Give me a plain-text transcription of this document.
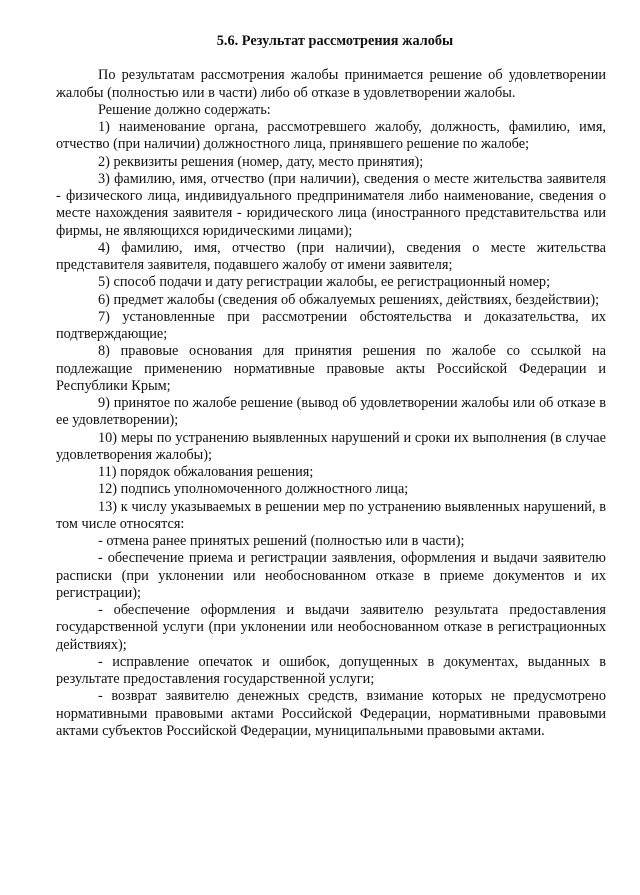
5.6. Результат рассмотрения жалобы

По результатам рассмотрения жалобы принимается решение об удовлетворении жалобы (полностью или в части) либо об отказе в удовлетворении жалобы.

Решение должно содержать:

1) наименование органа, рассмотревшего жалобу, должность, фамилию, имя, отчество (при наличии) должностного лица, принявшего решение по жалобе;

2) реквизиты решения (номер, дату, место принятия);

3) фамилию, имя, отчество (при наличии), сведения о месте жительства заявителя - физического лица, индивидуального предпринимателя либо наименование, сведения о месте нахождения заявителя - юридического лица (иностранного представительства или фирмы, не являющихся юридическими лицами);

4) фамилию, имя, отчество (при наличии), сведения о месте жительства представителя заявителя, подавшего жалобу от имени заявителя;

5) способ подачи и дату регистрации жалобы, ее регистрационный номер;

6) предмет жалобы (сведения об обжалуемых решениях, действиях, бездействии);

7) установленные при рассмотрении обстоятельства и доказательства, их подтверждающие;

8) правовые основания для принятия решения по жалобе со ссылкой на подлежащие применению нормативные правовые акты Российской Федерации и Республики Крым;

9) принятое по жалобе решение (вывод об удовлетворении жалобы или об отказе в ее удовлетворении);

10) меры по устранению выявленных нарушений и сроки их выполнения (в случае удовлетворения жалобы);

11) порядок обжалования решения;

12) подпись уполномоченного должностного лица;

13) к числу указываемых в решении мер по устранению выявленных нарушений, в том числе относятся:

- отмена ранее принятых решений (полностью или в части);

- обеспечение приема и регистрации заявления, оформления и выдачи заявителю расписки (при уклонении или необоснованном отказе в приеме документов и их регистрации);

- обеспечение оформления и выдачи заявителю результата предоставления государственной услуги (при уклонении или необоснованном отказе в регистрационных действиях);

- исправление опечаток и ошибок, допущенных в документах, выданных в результате предоставления государственной услуги;

- возврат заявителю денежных средств, взимание которых не предусмотрено нормативными правовыми актами Российской Федерации, нормативными правовыми актами субъектов Российской Федерации, муниципальными правовыми актами.
